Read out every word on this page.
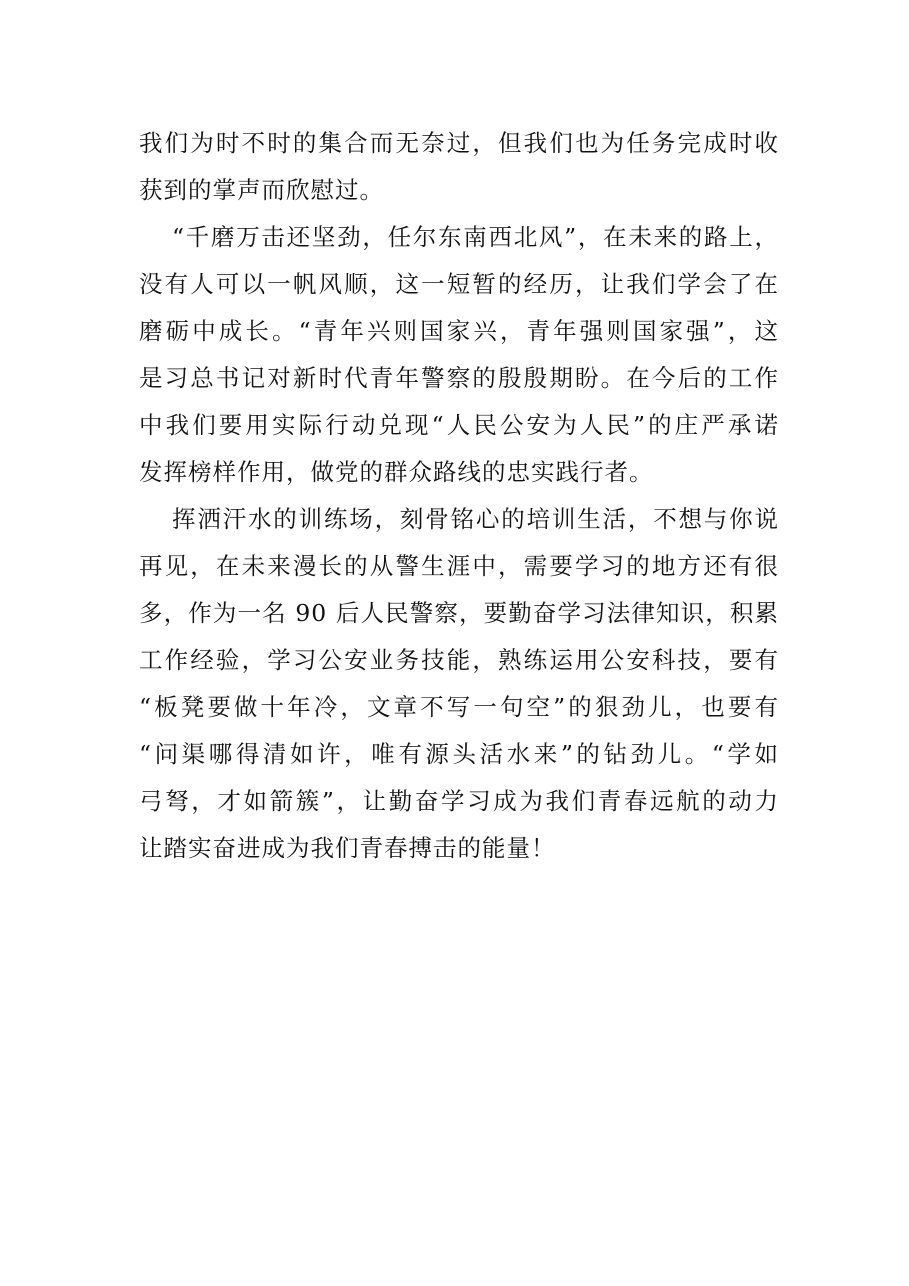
我们为时不时的集合而无奈过，但我们也为任务完成时收
获到的掌声而欣慰过。
“千磨万击还坚劲，任尔东南西北风”，在未来的路上，
没有人可以一帆风顺，这一短暂的经历，让我们学会了在
磨砺中成长。“青年兴则国家兴，青年强则国家强”，这
是习总书记对新时代青年警察的殷殷期盼。在今后的工作
中我们要用实际行动兑现“人民公安为人民”的庄严承诺
发挥榜样作用，做党的群众路线的忠实践行者。
挥洒汗水的训练场，刻骨铭心的培训生活，不想与你说
再见，在未来漫长的从警生涯中，需要学习的地方还有很
多，作为一名 90 后人民警察，要勤奋学习法律知识，积累
工作经验，学习公安业务技能，熟练运用公安科技，要有
“板凳要做十年冷，文章不写一句空”的狠劲儿，也要有
“问渠哪得清如许，唯有源头活水来”的钻劲儿。“学如
弓弩，才如箭簇”，让勤奋学习成为我们青春远航的动力
让踏实奋进成为我们青春搏击的能量！
